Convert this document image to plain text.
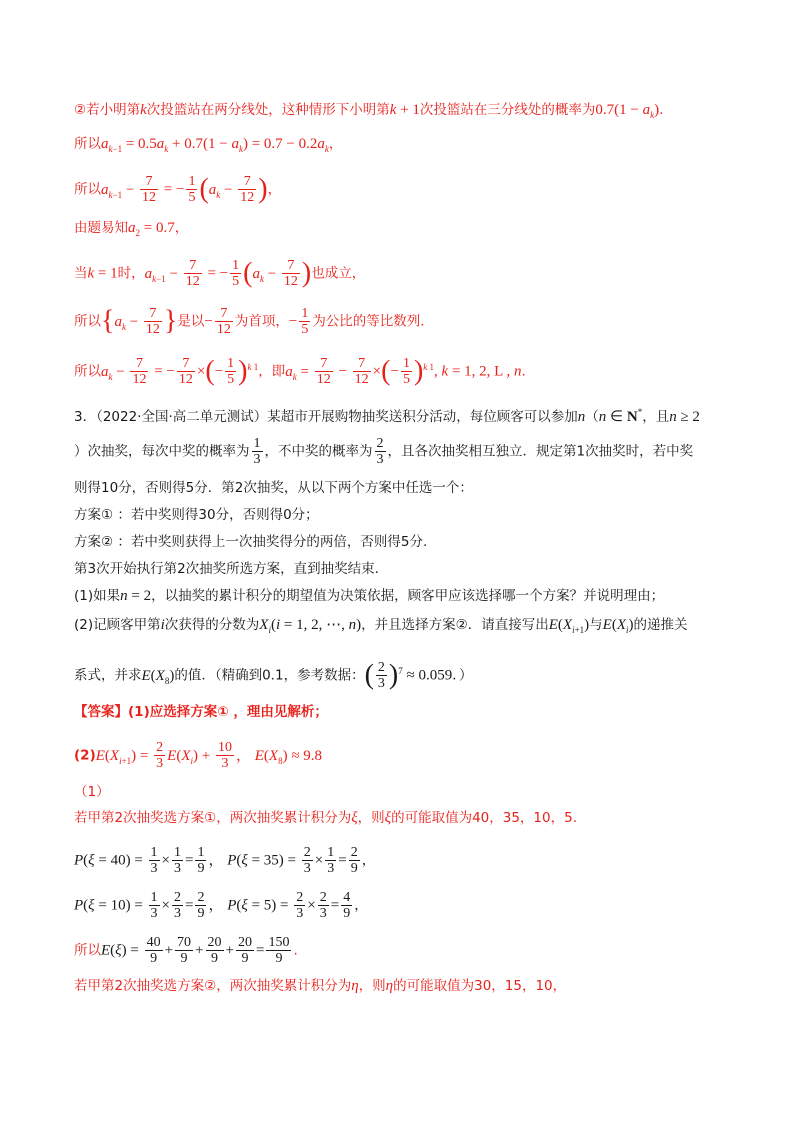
②若小明第k次投篮站在两分线处，这种情形下小明第k + 1次投篮站在三分线处的概率为$0.7(1 - a_k)$.
所以$a_{k-1} = 0.5a_k + 0.7(1 - a_k) = 0.7 - 0.2a_k$，
所以$a_{k-1} - \frac{7}{12}$ = − $\frac{1}{5} (a_k - \frac{7}{12}$ )，
由题易知$a_2 = 0.7$，
当k = 1时，$a_{k-1} - \frac{7}{12}$ = − $\frac{1}{5} (a_k - \frac{7}{12}$ )也成立，
所以{$a_k - \frac{7}{12}$ }是以− $\frac{7}{12}$ 为首项，− $\frac{1}{5}$ 为公比的等比数列.
所以$a_k - \frac{7}{12}$ = − $\frac{7}{12}$ ×(− $\frac{1}{5} )^{k 1}$，即$a_k = \frac{7}{12} - \frac{7}{12}$ ×(− $\frac{1}{5} )^{k 1}$, k = 1, 2, L , n.
3．（2022·全国·高二单元测试）某超市开展购物抽奖送积分活动，每位顾客可以参加n（n ∈ N*，且n ≥ 2
）次抽奖，每次中奖的概率为 $\frac{1}{3}$ ，不中奖的概率为 $\frac{2}{3}$ ，且各次抽奖相互独立．规定第1次抽奖时，若中奖
则得10分，否则得5分．第2次抽奖，从以下两个方案中任选一个：
方案① ：若中奖则得30分，否则得0分；
方案② ：若中奖则获得上一次抽奖得分的两倍，否则得5分.
第3次开始执行第2次抽奖所选方案，直到抽奖结束.
(1)如果n = 2，以抽奖的累计积分的期望值为决策依据，顾客甲应该选择哪一个方案？并说明理由；
(2)记顾客甲第i次获得的分数为$X_i(i = 1$, 2, ⋯, n)，并且选择方案②．请直接写出$E(X_{i+1})$与$E(X_i)$的递推关
系式，并求$E(X_8)$的值．（精确到0.1，参考数据：( $\frac{2}{3} )^7 \approx 0.059$．）
【答案】(1)应选择方案① ，理由见解析；
$(2)E(X_{i+1}) = \frac{2}{3} E(X_i) + \frac{10}{3}$ ， $E(X_8) \approx 9.8$
（1）
若甲第2次抽奖选方案①，两次抽奖累计积分为ξ，则ξ的可能取值为40，35，10，5.
$P(\xi = 40) = \frac{1}{3} \times \frac{1}{3} = \frac{1}{9}$ ， $P(\xi = 35) = \frac{2}{3} \times \frac{1}{3} = \frac{2}{9}$ ，
$P(\xi = 10) = \frac{1}{3} \times \frac{2}{3} = \frac{2}{9}$ ， $P(\xi = 5) = \frac{2}{3} \times \frac{2}{3} = \frac{4}{9}$ ，
所以$E(\xi) = \frac{40}{9} + \frac{70}{9} + \frac{20}{9} + \frac{20}{9} = \frac{150}{9}$ .
若甲第2次抽奖选方案②，两次抽奖累计积分为η，则η的可能取值为30，15，10，
